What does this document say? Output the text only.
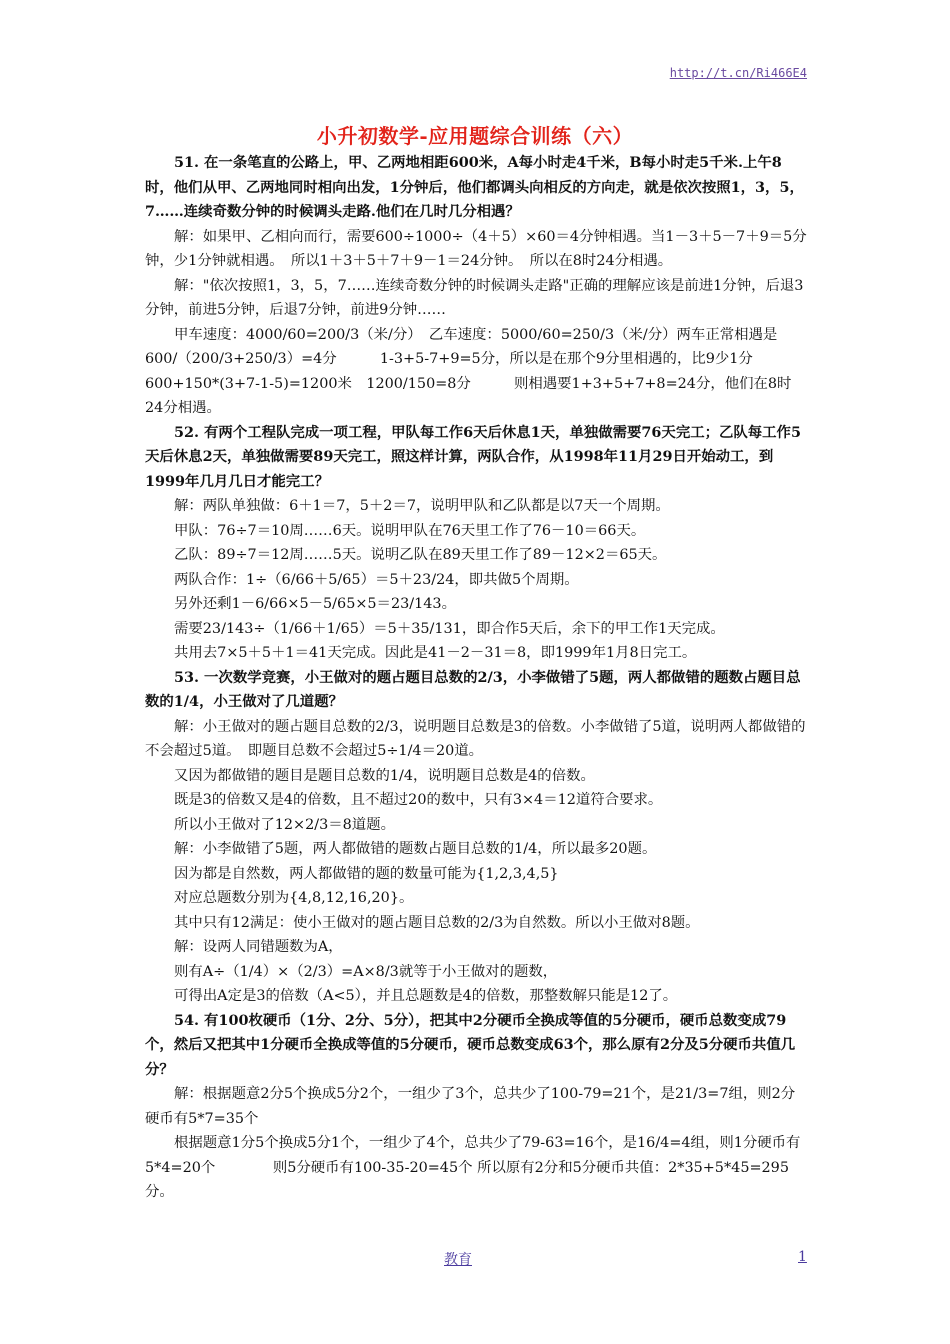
http://t.cn/Ri466E4
小升初数学-应用题综合训练（六）

51. 在一条笔直的公路上，甲、乙两地相距600米，A每小时走4千米，B每小时走5千米.上午8时，他们从甲、乙两地同时相向出发，1分钟后，他们都调头向相反的方向走，就是依次按照1，3，5，7……连续奇数分钟的时候调头走路.他们在几时几分相遇？

解：如果甲、乙相向而行，需要600÷1000÷（4＋5）×60＝4分钟相遇。当1－3＋5－7＋9＝5分钟，少1分钟就相遇。　所以1＋3＋5＋7＋9－1＝24分钟。　所以在8时24分相遇。

解："依次按照1，3，5，7……连续奇数分钟的时候调头走路"正确的理解应该是前进1分钟，后退3分钟，前进5分钟，后退7分钟，前进9分钟……

甲车速度：4000/60=200/3（米/分）　乙车速度：5000/60=250/3（米/分）两车正常相遇是600/（200/3+250/3）=4分　　　1-3+5-7+9=5分，所以是在那个9分里相遇的，比9少1分600+150*(3+7-1-5)=1200米　1200/150=8分　　　则相遇要1+3+5+7+8=24分，他们在8时24分相遇。

52. 有两个工程队完成一项工程，甲队每工作6天后休息1天，单独做需要76天完工；乙队每工作5天后休息2天，单独做需要89天完工，照这样计算，两队合作，从1998年11月29日开始动工，到1999年几月几日才能完工？

解：两队单独做：6＋1＝7，5＋2＝7，说明甲队和乙队都是以7天一个周期。

甲队：76÷7＝10周……6天。说明甲队在76天里工作了76－10＝66天。

乙队：89÷7＝12周……5天。说明乙队在89天里工作了89－12×2＝65天。

两队合作：1÷（6/66＋5/65）＝5＋23/24，即共做5个周期。

另外还剩1－6/66×5－5/65×5＝23/143。

需要23/143÷（1/66＋1/65）＝5＋35/131，即合作5天后，余下的甲工作1天完成。

共用去7×5＋5＋1＝41天完成。因此是41－2－31＝8，即1999年1月8日完工。

53. 一次数学竞赛，小王做对的题占题目总数的2/3，小李做错了5题，两人都做错的题数占题目总数的1/4，小王做对了几道题？

解：小王做对的题占题目总数的2/3，说明题目总数是3的倍数。小李做错了5道，说明两人都做错的不会超过5道。　即题目总数不会超过5÷1/4＝20道。

又因为都做错的题目是题目总数的1/4，说明题目总数是4的倍数。

既是3的倍数又是4的倍数，且不超过20的数中，只有3×4＝12道符合要求。

所以小王做对了12×2/3＝8道题。

解：小李做错了5题，两人都做错的题数占题目总数的1/4，所以最多20题。

因为都是自然数，两人都做错的题的数量可能为{1,2,3,4,5}

对应总题数分别为{4,8,12,16,20}。

其中只有12满足：使小王做对的题占题目总数的2/3为自然数。所以小王做对8题。

解：设两人同错题数为A，

则有A÷（1/4）×（2/3）=A×8/3就等于小王做对的题数，

可得出A定是3的倍数（A<5），并且总题数是4的倍数，那整数解只能是12了。

54. 有100枚硬币（1分、2分、5分），把其中2分硬币全换成等值的5分硬币，硬币总数变成79个，然后又把其中1分硬币全换成等值的5分硬币，硬币总数变成63个，那么原有2分及5分硬币共值几分？

解：根据题意2分5个换成5分2个，一组少了3个，总共少了100-79=21个，是21/3=7组，则2分硬币有5*7=35个

根据题意1分5个换成5分1个，一组少了4个，总共少了79-63=16个，是16/4=4组，则1分硬币有5*4=20个　　　　则5分硬币有100-35-20=45个 所以原有2分和5分硬币共值：2*35+5*45=295分。

教育	1
